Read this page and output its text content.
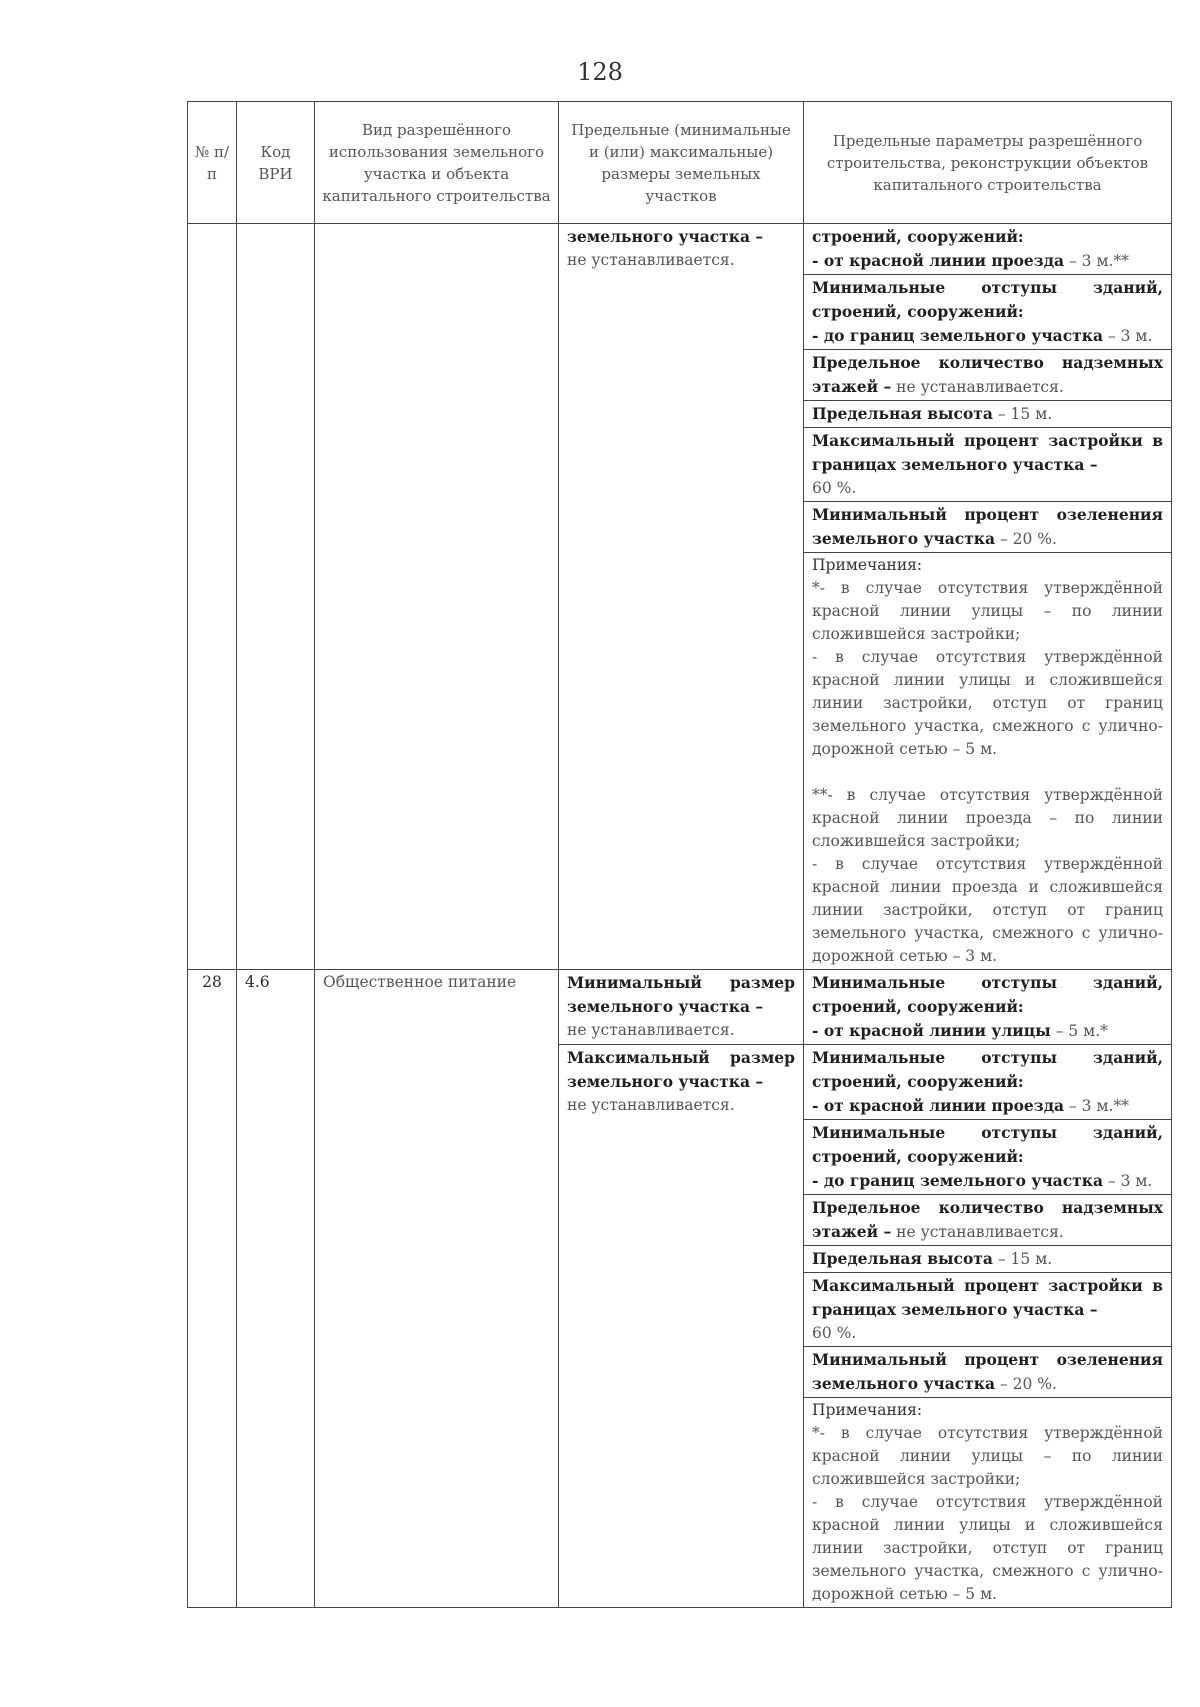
128
№ п/п	Код ВРИ	Вид разрешённого использования земельного участка и объекта капитального строительства	Предельные (минимальные и (или) максимальные) размеры земельных участков	Предельные параметры разрешённого строительства, реконструкции объектов капитального строительства
			земельного участка –
не устанавливается.	строений, сооружений:
- от красной линии проезда – 3 м.**
				Минимальные отступы зданий, строений, сооружений:
- до границ земельного участка – 3 м.
				Предельное количество надземных этажей – не устанавливается.
				Предельная высота – 15 м.
				Максимальный процент застройки в границах земельного участка –
60 %.
				Минимальный процент озеленения земельного участка – 20 %.

				Примечания:
*- в случае отсутствия утверждённой красной линии улицы – по линии сложившейся застройки;
- в случае отсутствия утверждённой красной линии улицы и сложившейся линии застройки, отступ от границ земельного участка, смежного с улично-дорожной сетью – 5 м.
**- в случае отсутствия утверждённой красной линии проезда – по линии сложившейся застройки;
- в случае отсутствия утверждённой красной линии проезда и сложившейся линии застройки, отступ от границ земельного участка, смежного с улично-дорожной сетью – 3 м.

28	4.6	Общественное питание	Минимальный размер земельного участка –
не устанавливается.	Минимальные отступы зданий, строений, сооружений:
- от красной линии улицы – 5 м.*
			Максимальный размер земельного участка –
не устанавливается.	Минимальные отступы зданий, строений, сооружений:
- от красной линии проезда – 3 м.**
				Минимальные отступы зданий, строений, сооружений:
- до границ земельного участка – 3 м.
				Предельное количество надземных этажей – не устанавливается.
				Предельная высота – 15 м.
				Максимальный процент застройки в границах земельного участка –
60 %.
				Минимальный процент озеленения земельного участка – 20 %.

				Примечания:
*- в случае отсутствия утверждённой красной линии улицы – по линии сложившейся застройки;
- в случае отсутствия утверждённой красной линии улицы и сложившейся линии застройки, отступ от границ земельного участка, смежного с улично-дорожной сетью – 5 м.
